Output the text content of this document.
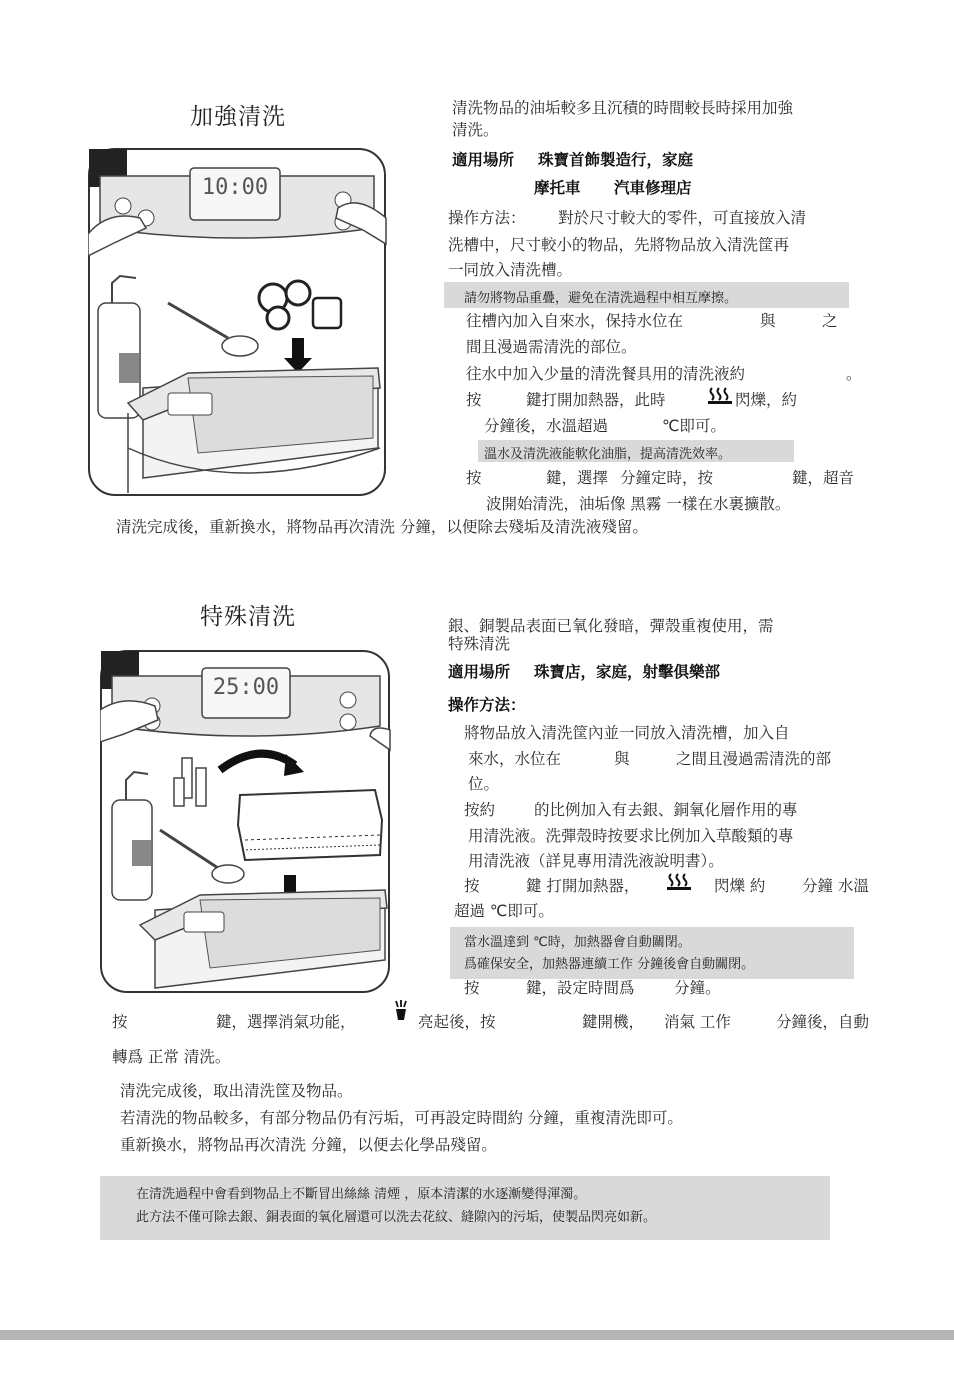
加強清洗
10:00
清洗物品的油垢較多且沉積的時間較長時採用加強
清洗。
適用場所 珠寶首飾製造行，家庭
摩托車 汽車修理店
操作方法： 對於尺寸較大的零件，可直接放入清
洗槽中，尺寸較小的物品，先將物品放入清洗筐再
一同放入清洗槽。
請勿將物品重疊，避免在清洗過程中相互摩擦。
往槽內加入自來水，保持水位在	與	之
間且漫過需清洗的部位。
往水中加入少量的清洗餐具用的清洗液約	。
按	鍵打開加熱器，此時	閃爍，約
分鐘後，水溫超過	℃即可。
溫水及清洗液能軟化油脂，提高清洗效率。
按	鍵，選擇 分鐘定時，按	鍵，超音
波開始清洗，油垢像 黑霧 一樣在水裏擴散。
清洗完成後，重新換水，將物品再次清洗 分鐘，以便除去殘垢及清洗液殘留。
特殊清洗
25:00
銀、銅製品表面已氧化發暗，彈殼重複使用，需
特殊清洗
適用場所 珠寶店，家庭，射擊俱樂部
操作方法：
將物品放入清洗筐內並一同放入清洗槽，加入自
來水，水位在	與	之間且漫過需清洗的部
位。
按約	的比例加入有去銀、銅氧化層作用的專
用清洗液。洗彈殼時按要求比例加入草酸類的專
用清洗液（詳見專用清洗液說明書）。
按	鍵 打開加熱器，	閃爍 約 分鐘 水溫
超過 ℃即可。
當水溫達到 ℃時，加熱器會自動關閉。
爲確保安全，加熱器連續工作 分鐘後會自動關閉。
按	鍵，設定時間爲	分鐘。
按	鍵，選擇消氣功能，	亮起後，按	鍵開機， 消氣 工作	分鐘後，自動
轉爲 正常 清洗。
清洗完成後，取出清洗筐及物品。
若清洗的物品較多，有部分物品仍有污垢，可再設定時間約 分鐘，重複清洗即可。
重新換水，將物品再次清洗 分鐘，以便去化學品殘留。
在清洗過程中會看到物品上不斷冒出絲絲 清煙 ，原本清潔的水逐漸變得渾濁。
此方法不僅可除去銀、銅表面的氧化層還可以洗去花紋、縫隙內的污垢，使製品閃亮如新。
